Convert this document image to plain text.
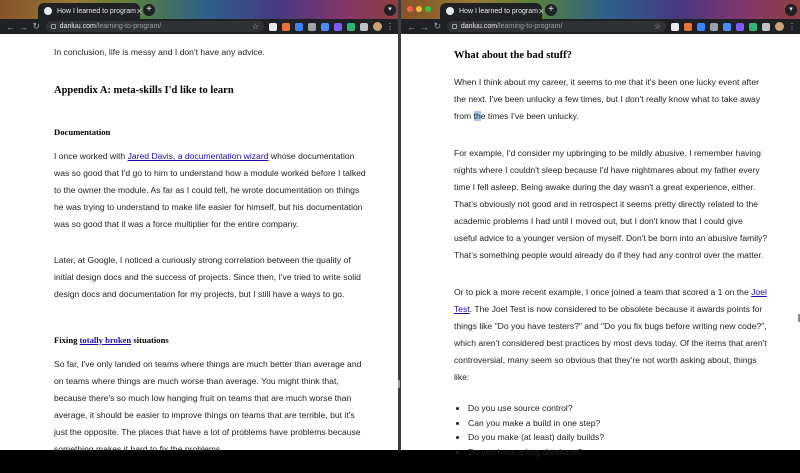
How I learned to program ✕ +	▾
← → ↻	danluu.com /learning-to-program/	☆	⋮

In conclusion, life is messy and I don't have any advice.

Appendix A: meta-skills I'd like to learn
Documentation

I once worked with Jared Davis, a documentation wizard whose documentation was so good that I'd go to him to understand how a module worked before I talked to the owner the module. As far as I could tell, he wrote documentation on things he was trying to understand to make life easier for himself, but his documentation was so good that it was a force multiplier for the entire company.

Later, at Google, I noticed a curiously strong correlation between the quality of initial design docs and the success of projects. Since then, I've tried to write solid design docs and documentation for my projects, but I still have a ways to go.

Fixing totally broken situations

So far, I've only landed on teams where things are much better than average and on teams where things are much worse than average. You might think that, because there's so much low hanging fruit on teams that are much worse than average, it should be easier to improve things on teams that are terrible, but it's just the opposite. The places that have a lot of problems have problems because something makes it hard to fix the problems.

How I learned to program ✕ +	▾
← → ↻	danluu.com /learning-to-program/	☆	⋮
What about the bad stuff?

When I think about my career, it seems to me that it's been one lucky event after the next. I've been unlucky a few times, but I don't really know what to take away from the times I've been unlucky.

For example, I'd consider my upbringing to be mildly abusive. I remember having nights where I couldn't sleep because I'd have nightmares about my father every time I fell asleep. Being awake during the day wasn't a great experience, either. That's obviously not good and in retrospect it seems pretty directly related to the academic problems I had until I moved out, but I don't know that I could give useful advice to a younger version of myself. Don't be born into an abusive family? That's something people would already do if they had any control over the matter.

Or to pick a more recent example, I once joined a team that scored a 1 on the Joel Test. The Joel Test is now considered to be obsolete because it awards points for things like "Do you have testers?" and "Do you fix bugs before writing new code?", which aren't considered best practices by most devs today. Of the items that aren't controversial, many seem so obvious that they're not worth asking about, things like:

• Do you use source control?
• Can you make a build in one step?
• Do you make (at least) daily builds?
• Do you have a bug database?
